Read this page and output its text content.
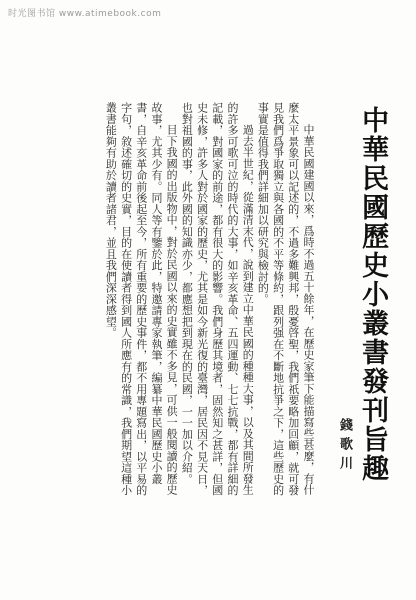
时光图书馆 www.atimebook.com
中華民國歷史小叢書發刊旨趣
錢歌川

中華民國建國以來，爲時不過五十餘年，在歷史家筆下能描寫些甚麼，有什麼太平景象可以記述的，不過多難興邦，殷憂啓聖，我們祇要略加回顧，就可發見我們爲爭取獨立與各國的不平等條約，跟列强在不斷地抗爭之下，這些歷史的事實是值得我們詳細加以研究與檢討的。

過去半世紀，從滿清末代，說到建立中華民國的種種大事，以及其間所發生的許多可歌可泣的時代的大事，如辛亥革命、五四運動、七七抗戰，都有詳細的記載，對國家的前途，都有很大的影響。我們身歷其境者，固然知之甚詳，但國史未修，許多人對於國家的歷史，尤其是如今新光復的臺灣，居民因不見天日，也對祖國的事，此外國的知識亦少，都應想把到現在的民國，一一加以介紹。

目下我國的出版物中，對於民國以來的史實雖不多見，可供一般閱讀的歷史故事，尤其少有。同人等有鑒於此，特邀請專家執筆，編纂中華民國歷史小叢書，自辛亥革命前後起至今，所有重要的歷史事件，都不用專題寫出，以平易的字句，敘述確切的史實，目的在使讀者得到國人所應有的常識，我們期望這種小叢書能夠有助於讀者諸君，並且我們深深感望。
